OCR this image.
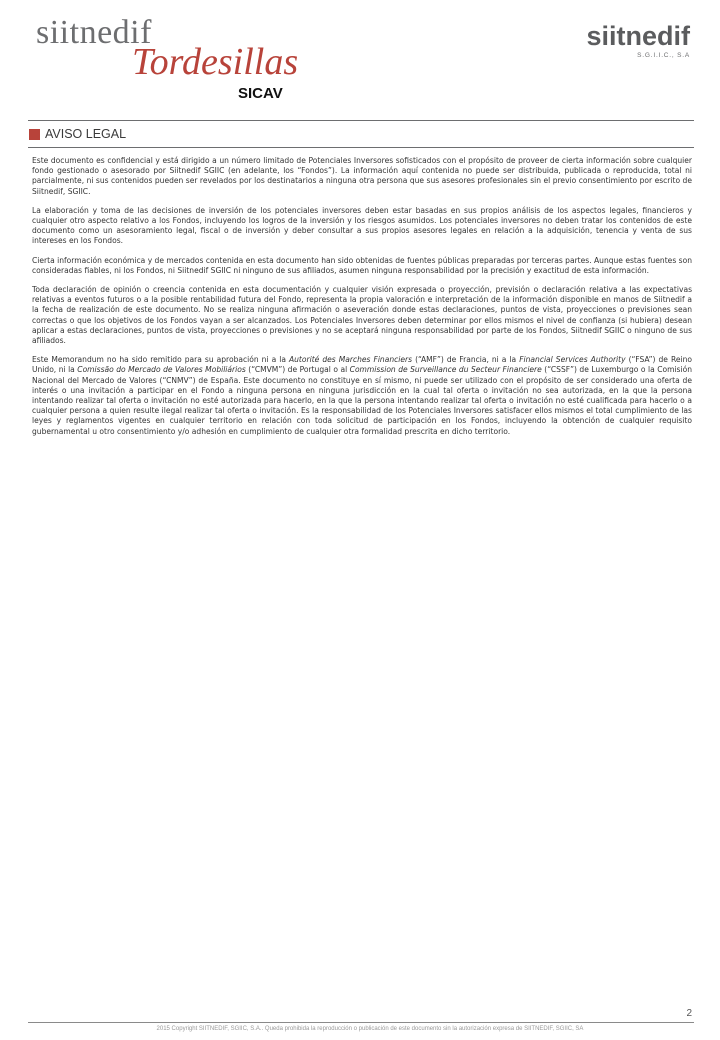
siitnedif
Tordesillas
SICAV
siitnedif
S.G.I.I.C., S.A
AVISO LEGAL

Este documento es confidencial y está dirigido a un número limitado de Potenciales Inversores sofisticados con el propósito de proveer de cierta información sobre cualquier fondo gestionado o asesorado por Siitnedif SGIIC (en adelante, los “Fondos”). La información aquí contenida no puede ser distribuida, publicada o reproducida, total ni parcialmente, ni sus contenidos pueden ser revelados por los destinatarios a ninguna otra persona que sus asesores profesionales sin el previo consentimiento por escrito de Siitnedif, SGIIC.

La elaboración y toma de las decisiones de inversión de los potenciales inversores deben estar basadas en sus propios análisis de los aspectos legales, financieros y cualquier otro aspecto relativo a los Fondos, incluyendo los logros de la inversión y los riesgos asumidos. Los potenciales inversores no deben tratar los contenidos de este documento como un asesoramiento legal, fiscal o de inversión y deber consultar a sus propios asesores legales en relación a la adquisición, tenencia y venta de sus intereses en los Fondos.

Cierta información económica y de mercados contenida en esta documento han sido obtenidas de fuentes públicas preparadas por terceras partes. Aunque estas fuentes son consideradas fiables, ni los Fondos, ni Siitnedif SGIIC ni ninguno de sus afiliados, asumen ninguna responsabilidad por la precisión y exactitud de esta información.

Toda declaración de opinión o creencia contenida en esta documentación y cualquier visión expresada o proyección, previsión o declaración relativa a las expectativas relativas a eventos futuros o a la posible rentabilidad futura del Fondo, representa la propia valoración e interpretación de la información disponible en manos de Siitnedif a la fecha de realización de este documento. No se realiza ninguna afirmación o aseveración donde estas declaraciones, puntos de vista, proyecciones o previsiones sean correctas o que los objetivos de los Fondos vayan a ser alcanzados. Los Potenciales Inversores deben determinar por ellos mismos el nivel de confianza (si hubiera) desean aplicar a estas declaraciones, puntos de vista, proyecciones o previsiones y no se aceptará ninguna responsabilidad por parte de los Fondos, Siitnedif SGIIC o ninguno de sus afiliados.

Este Memorandum no ha sido remitido para su aprobación ni a la Autorité des Marches Financiers (“AMF”) de Francia, ni a la Financial Services Authority (“FSA”) de Reino Unido, ni la Comissão do Mercado de Valores Mobiliários (“CMVM”) de Portugal o al Commission de Surveillance du Secteur Financiere (“CSSF”) de Luxemburgo o la Comisión Nacional del Mercado de Valores (“CNMV”) de España. Este documento no constituye en sí mismo, ni puede ser utilizado con el propósito de ser considerado una oferta de interés o una invitación a participar en el Fondo a ninguna persona en ninguna jurisdicción en la cual tal oferta o invitación no sea autorizada, en la que la persona intentando realizar tal oferta o invitación no esté autorizada para hacerlo, en la que la persona intentando realizar tal oferta o invitación no esté cualificada para hacerlo o a cualquier persona a quien resulte ilegal realizar tal oferta o invitación. Es la responsabilidad de los Potenciales Inversores satisfacer ellos mismos el total cumplimiento de las leyes y reglamentos vigentes en cualquier territorio en relación con toda solicitud de participación en los Fondos, incluyendo la obtención de cualquier requisito gubernamental u otro consentimiento y/o adhesión en cumplimiento de cualquier otra formalidad prescrita en dicho territorio.

2
2015 Copyright SIITNEDIF, SGIIC, S.A.. Queda prohibida la reproducción o publicación de este documento sin la autorización expresa de SIITNEDIF, SGIIC, SA
